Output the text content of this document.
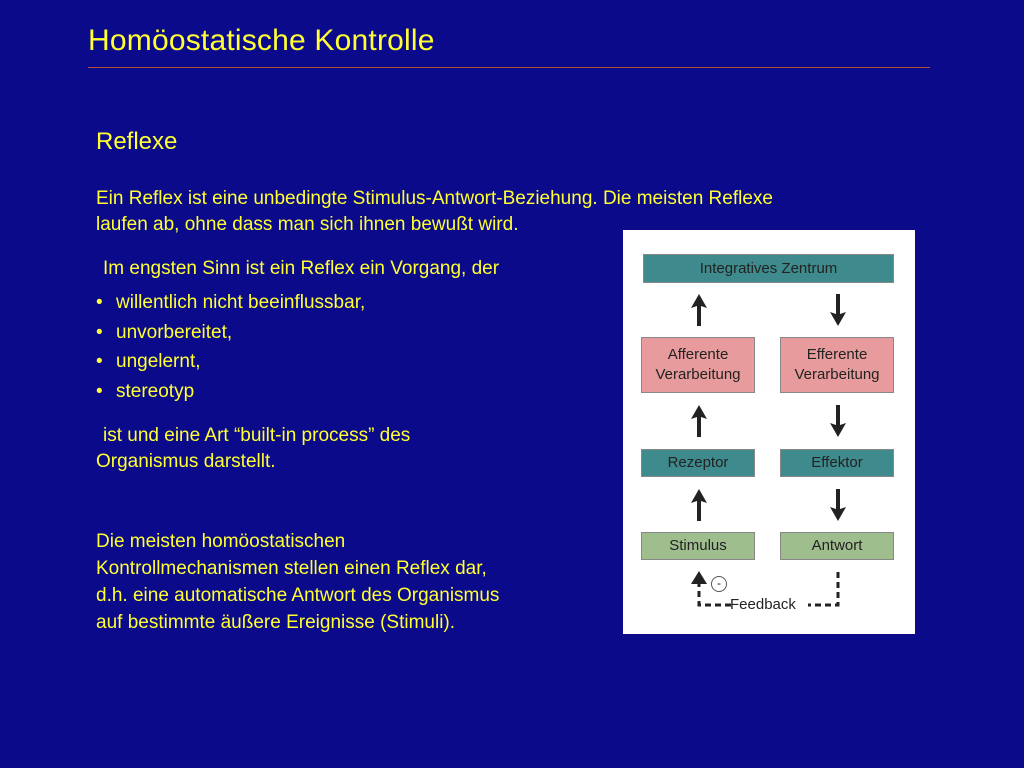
Homöostatische Kontrolle
Reflexe
Ein Reflex ist eine unbedingte Stimulus-Antwort-Beziehung. Die meisten Reflexe
laufen ab, ohne dass man sich ihnen bewußt wird.
Im engsten Sinn ist ein Reflex ein Vorgang, der
• willentlich nicht beeinflussbar,
• unvorbereitet,
• ungelernt,
• stereotyp
ist und eine Art “built-in process” des
Organismus darstellt.
Die meisten homöostatischen
Kontrollmechanismen stellen einen Reflex dar,
d.h. eine automatische Antwort des Organismus
auf bestimmte äußere Ereignisse (Stimuli).
Integratives Zentrum
Afferente
Verarbeitung
Efferente
Verarbeitung
Rezeptor	Effektor
Stimulus	Antwort
-
Feedback
